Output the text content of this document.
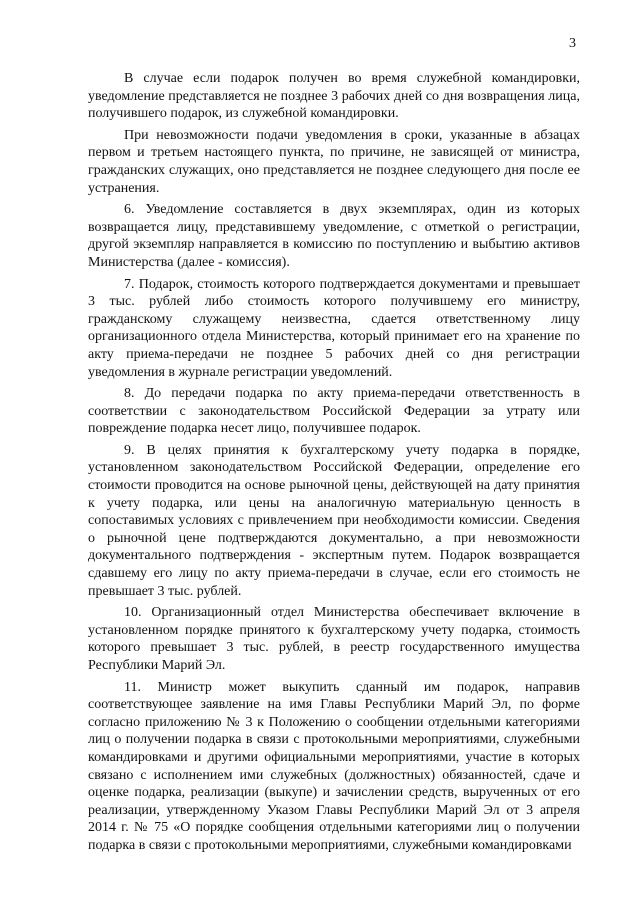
3

В случае если подарок получен во время служебной командировки, уведомление представляется не позднее 3 рабочих дней со дня возвращения лица, получившего подарок, из служебной командировки.

При невозможности подачи уведомления в сроки, указанные в абзацах первом и третьем настоящего пункта, по причине, не зависящей от министра, гражданских служащих, оно представляется не позднее следующего дня после ее устранения.

6. Уведомление составляется в двух экземплярах, один из которых возвращается лицу, представившему уведомление, с отметкой о регистрации, другой экземпляр направляется в комиссию по поступлению и выбытию активов Министерства (далее - комиссия).

7. Подарок, стоимость которого подтверждается документами и превышает 3 тыс. рублей либо стоимость которого получившему его министру, гражданскому служащему неизвестна, сдается ответственному лицу организационного отдела Министерства, который принимает его на хранение по акту приема-передачи не позднее 5 рабочих дней со дня регистрации уведомления в журнале регистрации уведомлений.

8. До передачи подарка по акту приема-передачи ответственность в соответствии с законодательством Российской Федерации за утрату или повреждение подарка несет лицо, получившее подарок.

9. В целях принятия к бухгалтерскому учету подарка в порядке, установленном законодательством Российской Федерации, определение его стоимости проводится на основе рыночной цены, действующей на дату принятия к учету подарка, или цены на аналогичную материальную ценность в сопоставимых условиях с привлечением при необходимости комиссии. Сведения о рыночной цене подтверждаются документально, а при невозможности документального подтверждения - экспертным путем. Подарок возвращается сдавшему его лицу по акту приема-передачи в случае, если его стоимость не превышает 3 тыс. рублей.

10. Организационный отдел Министерства обеспечивает включение в установленном порядке принятого к бухгалтерскому учету подарка, стоимость которого превышает 3 тыс. рублей, в реестр государственного имущества Республики Марий Эл.

11. Министр может выкупить сданный им подарок, направив соответствующее заявление на имя Главы Республики Марий Эл, по форме согласно приложению № 3 к Положению о сообщении отдельными категориями лиц о получении подарка в связи с протокольными мероприятиями, служебными командировками и другими официальными мероприятиями, участие в которых связано с исполнением ими служебных (должностных) обязанностей, сдаче и оценке подарка, реализации (выкупе) и зачислении средств, вырученных от его реализации, утвержденному Указом Главы Республики Марий Эл от 3 апреля 2014 г. № 75 «О порядке сообщения отдельными категориями лиц о получении подарка в связи с протокольными мероприятиями, служебными командировками
